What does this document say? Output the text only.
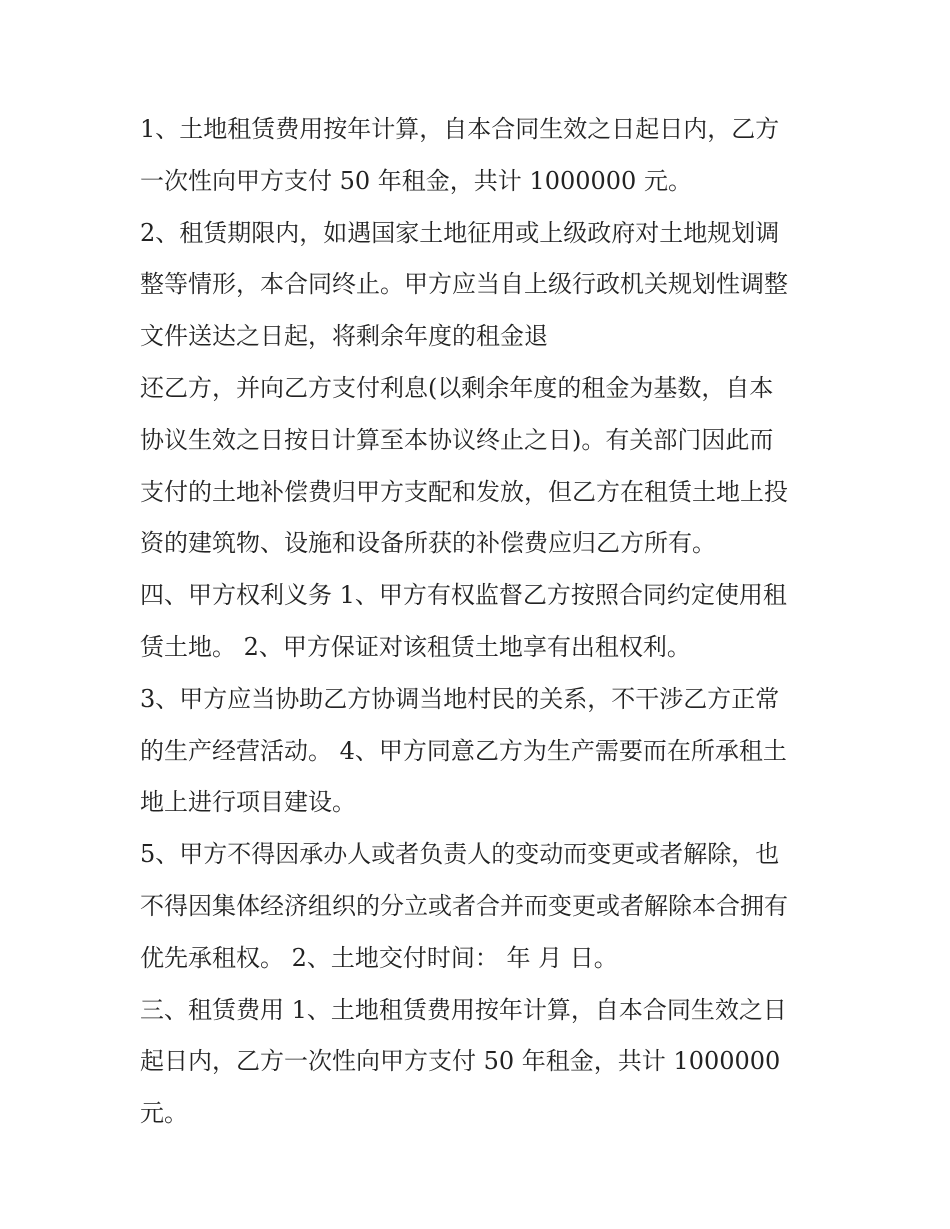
1、土地租赁费用按年计算，自本合同生效之日起日内，乙方
一次性向甲方支付 50 年租金，共计 1000000 元。
2、租赁期限内，如遇国家土地征用或上级政府对土地规划调
整等情形，本合同终止。甲方应当自上级行政机关规划性调整
文件送达之日起，将剩余年度的租金退
还乙方，并向乙方支付利息(以剩余年度的租金为基数，自本
协议生效之日按日计算至本协议终止之日)。有关部门因此而
支付的土地补偿费归甲方支配和发放，但乙方在租赁土地上投
资的建筑物、设施和设备所获的补偿费应归乙方所有。
四、甲方权利义务 1、甲方有权监督乙方按照合同约定使用租
赁土地。 2、甲方保证对该租赁土地享有出租权利。
3、甲方应当协助乙方协调当地村民的关系，不干涉乙方正常
的生产经营活动。 4、甲方同意乙方为生产需要而在所承租土
地上进行项目建设。
5、甲方不得因承办人或者负责人的变动而变更或者解除，也
不得因集体经济组织的分立或者合并而变更或者解除本合拥有
优先承租权。 2、土地交付时间： 年 月 日。
三、租赁费用 1、土地租赁费用按年计算，自本合同生效之日
起日内，乙方一次性向甲方支付 50 年租金，共计 1000000
元。
